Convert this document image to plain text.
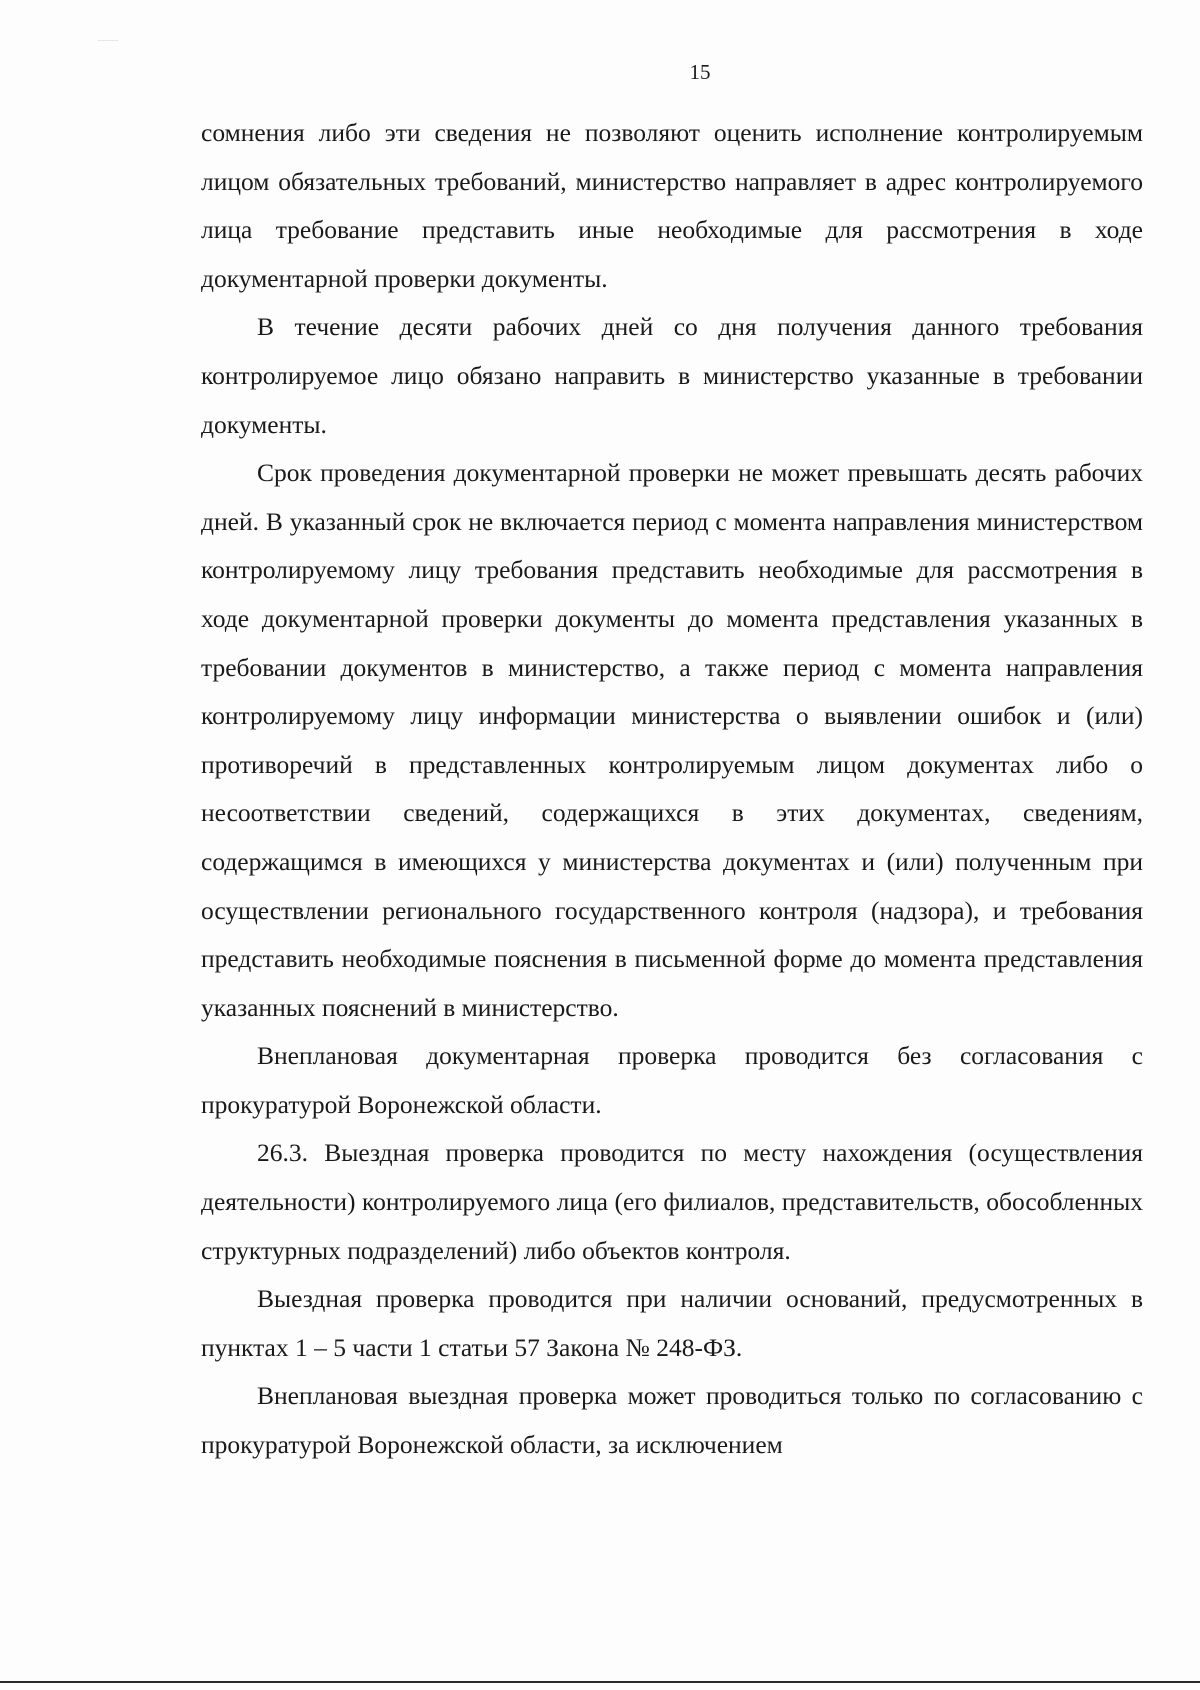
15

сомнения либо эти сведения не позволяют оценить исполнение контролируемым лицом обязательных требований, министерство направляет в адрес контролируемого лица требование представить иные необходимые для рассмотрения в ходе документарной проверки документы.

В течение десяти рабочих дней со дня получения данного требования контролируемое лицо обязано направить в министерство указанные в требовании документы.

Срок проведения документарной проверки не может превышать десять рабочих дней. В указанный срок не включается период с момента направления министерством контролируемому лицу требования представить необходимые для рассмотрения в ходе документарной проверки документы до момента представления указанных в требовании документов в министерство, а также период с момента направления контролируемому лицу информации министерства о выявлении ошибок и (или) противоречий в представленных контролируемым лицом документах либо о несоответствии сведений, содержащихся в этих документах, сведениям, содержащимся в имеющихся у министерства документах и (или) полученным при осуществлении регионального государственного контроля (надзора), и требования представить необходимые пояснения в письменной форме до момента представления указанных пояснений в министерство.

Внеплановая документарная проверка проводится без согласования с прокуратурой Воронежской области.

26.3. Выездная проверка проводится по месту нахождения (осуществления деятельности) контролируемого лица (его филиалов, представительств, обособленных структурных подразделений) либо объектов контроля.

Выездная проверка проводится при наличии оснований, предусмотренных в пунктах 1 – 5 части 1 статьи 57 Закона № 248-ФЗ.

Внеплановая выездная проверка может проводиться только по согласованию с прокуратурой Воронежской области, за исключением
